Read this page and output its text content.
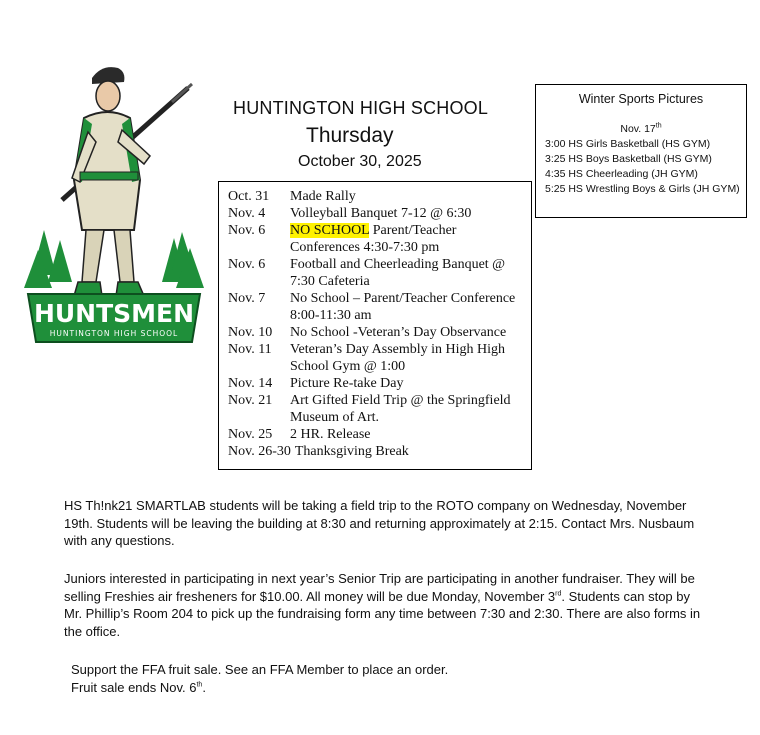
HUNTSMEN
HUNTINGTON HIGH SCHOOL
HUNTINGTON HIGH SCHOOL
Thursday
October 30, 2025
Winter Sports Pictures
Nov. 17th
3:00 HS Girls Basketball (HS GYM)
3:25 HS Boys Basketball (HS GYM)
4:35 HS Cheerleading (JH GYM)
5:25 HS Wrestling Boys & Girls (JH GYM)
Oct. 31	Made Rally
Nov. 4	Volleyball Banquet 7-12 @ 6:30
Nov. 6	NO SCHOOL Parent/Teacher Conferences 4:30-7:30 pm
Nov. 6	Football and Cheerleading Banquet @ 7:30 Cafeteria
Nov. 7	No School – Parent/Teacher Conference 8:00-11:30 am
Nov. 10	No School -Veteran’s Day Observance
Nov. 11	Veteran’s Day Assembly in High High School Gym @ 1:00
Nov. 14	Picture Re-take Day
Nov. 21	Art Gifted Field Trip @ the Springfield Museum of Art.
Nov. 25	2 HR. Release
Nov. 26-30 Thanksgiving Break

HS Th!nk21 SMARTLAB students will be taking a field trip to the ROTO company on Wednesday, November 19th. Students will be leaving the building at 8:30 and returning approximately at 2:15. Contact Mrs. Nusbaum with any questions.

Juniors interested in participating in next year’s Senior Trip are participating in another fundraiser. They will be selling Freshies air fresheners for $10.00. All money will be due Monday, November 3rd. Students can stop by Mr. Phillip’s Room 204 to pick up the fundraising form any time between 7:30 and 2:30. There are also forms in the office.

Support the FFA fruit sale. See an FFA Member to place an order.

Fruit sale ends Nov. 6th.
